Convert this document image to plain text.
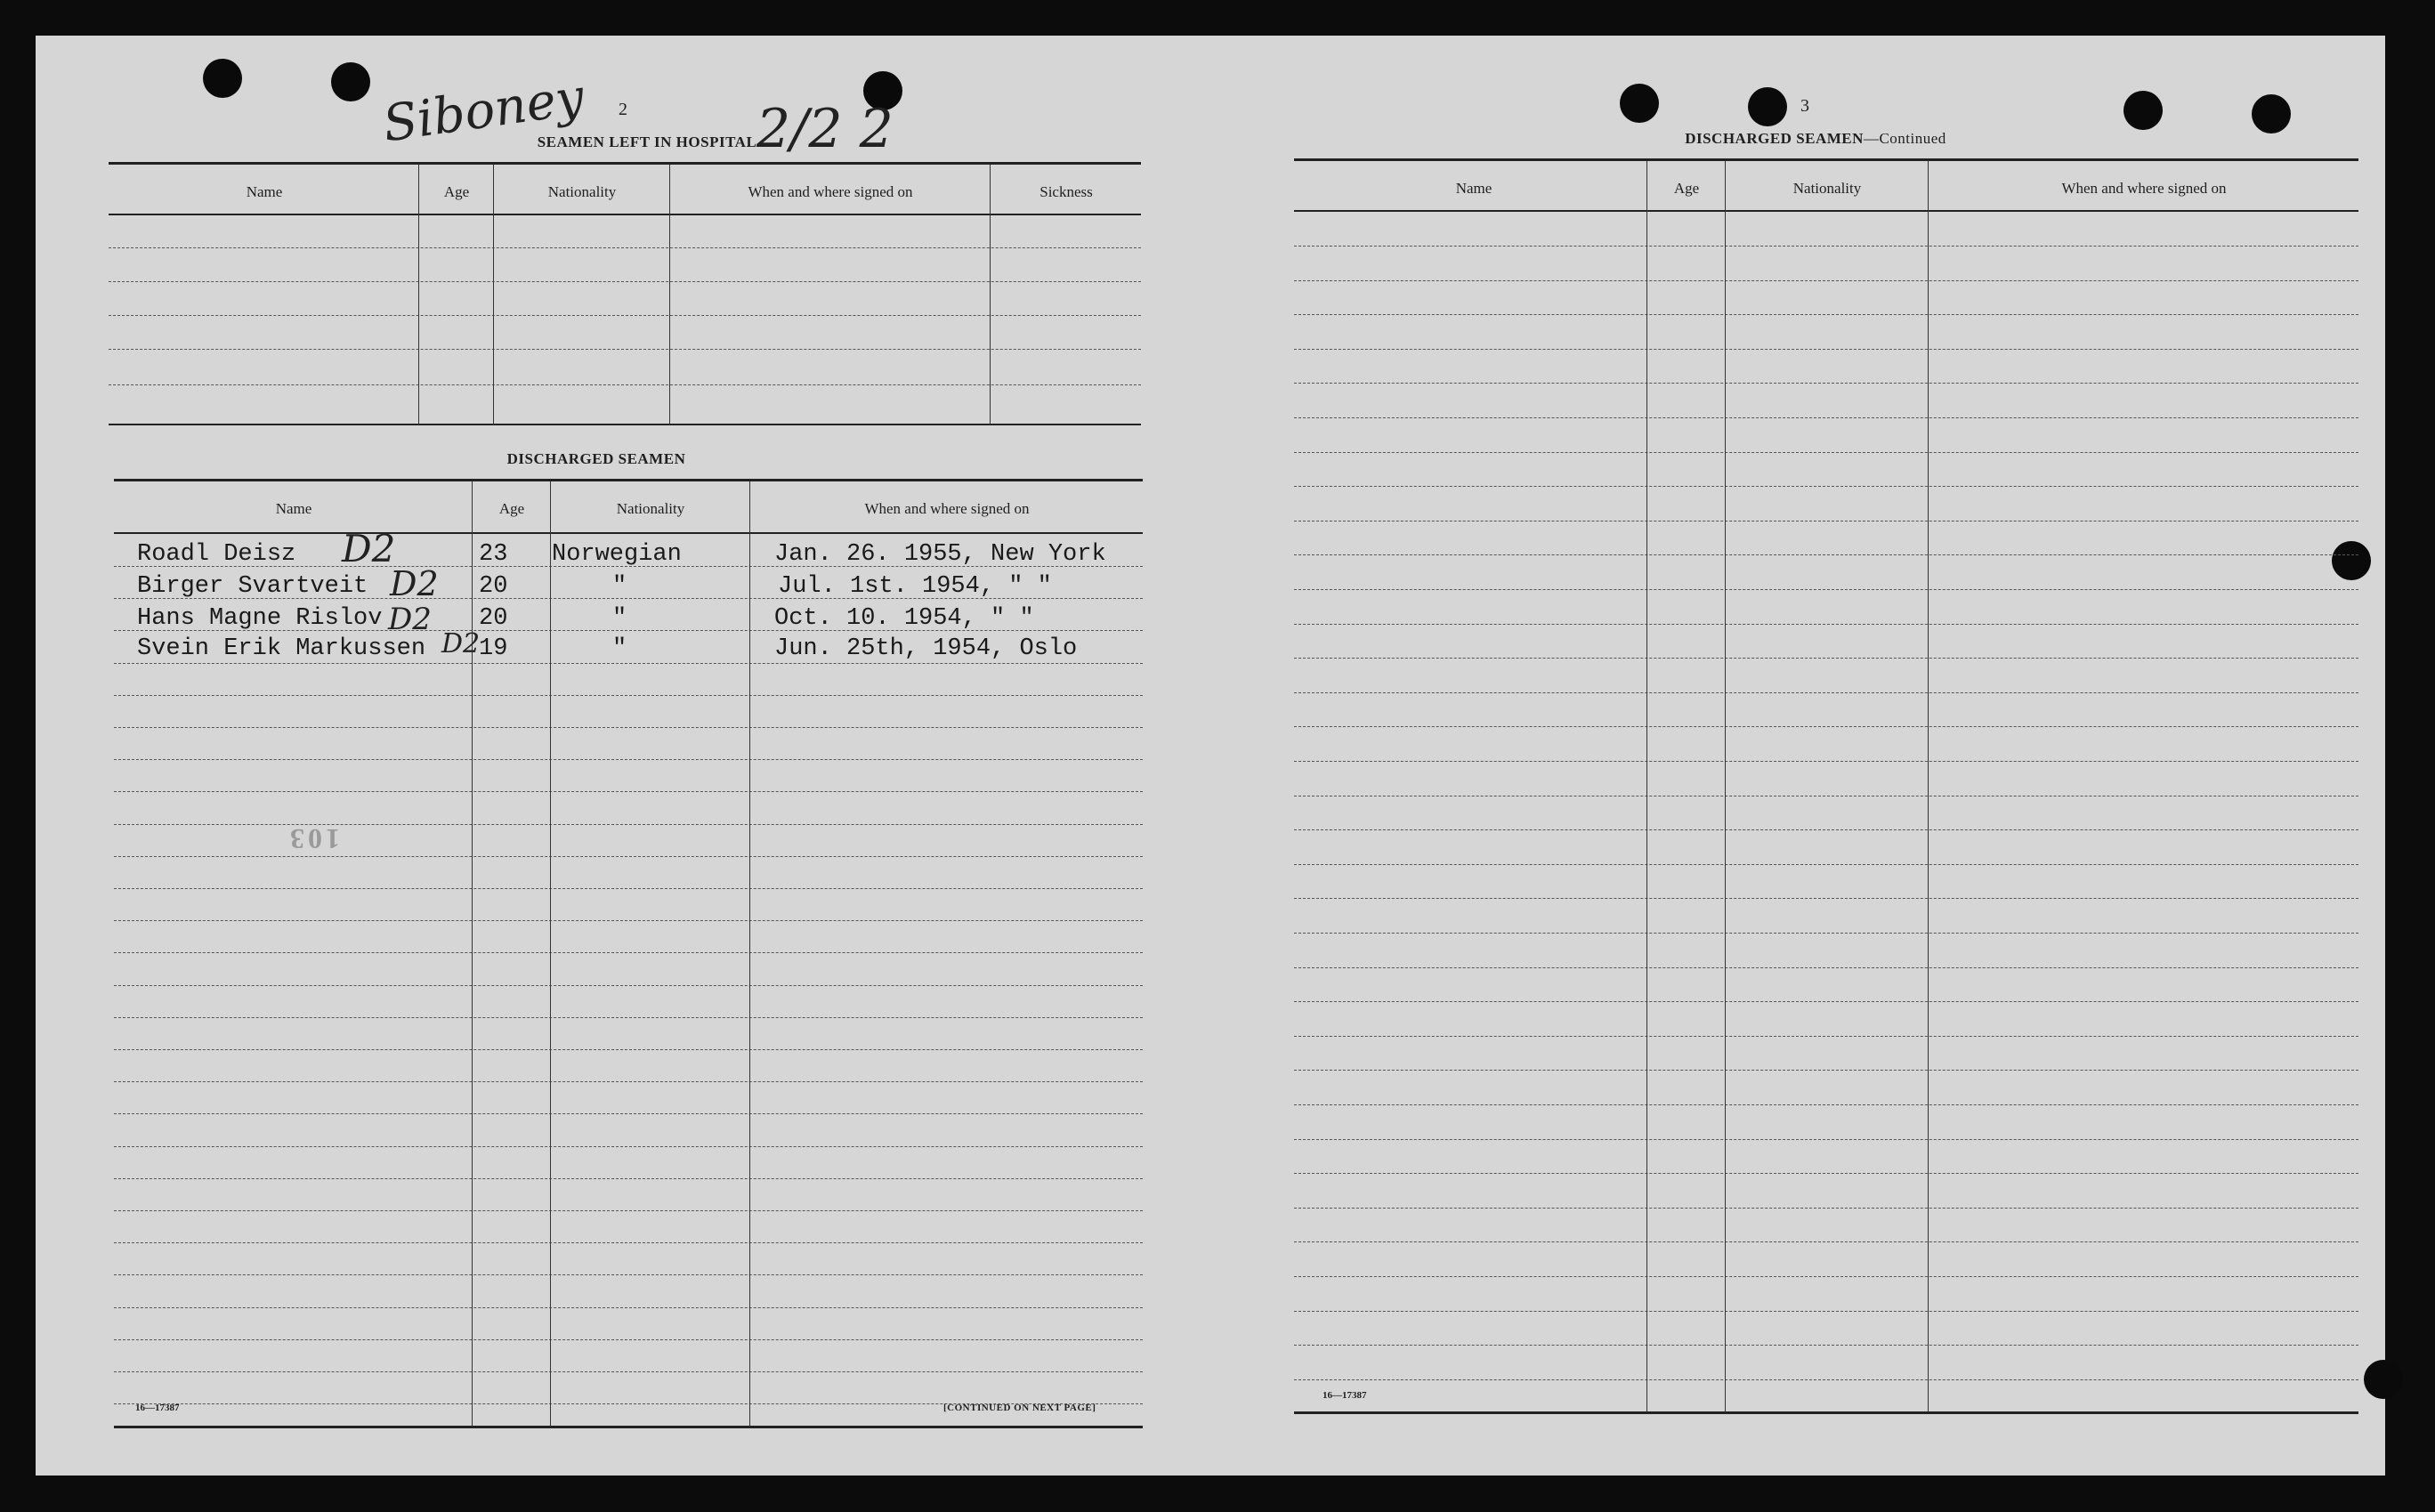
2
Siboney	2/2 2
SEAMEN LEFT IN HOSPITAL
Name	Age	Nationality	When and where signed on	Sickness
DISCHARGED SEAMEN
Name	Age	Nationality	When and where signed on
Roadl Deisz	23 Norwegian	Jan. 26. 1955, New York
Birger Svartveit	20	"	Jul. 1st. 1954, " "
Hans Magne Rislov	20	"	Oct. 10. 1954, " "
Svein Erik Markussen 19	"	Jun. 25th, 1954, Oslo
D2
D2
D2
D2
103
16—17387	[CONTINUED ON NEXT PAGE]
3
DISCHARGED SEAMEN—Continued
Name	Age	Nationality	When and where signed on
16—17387
